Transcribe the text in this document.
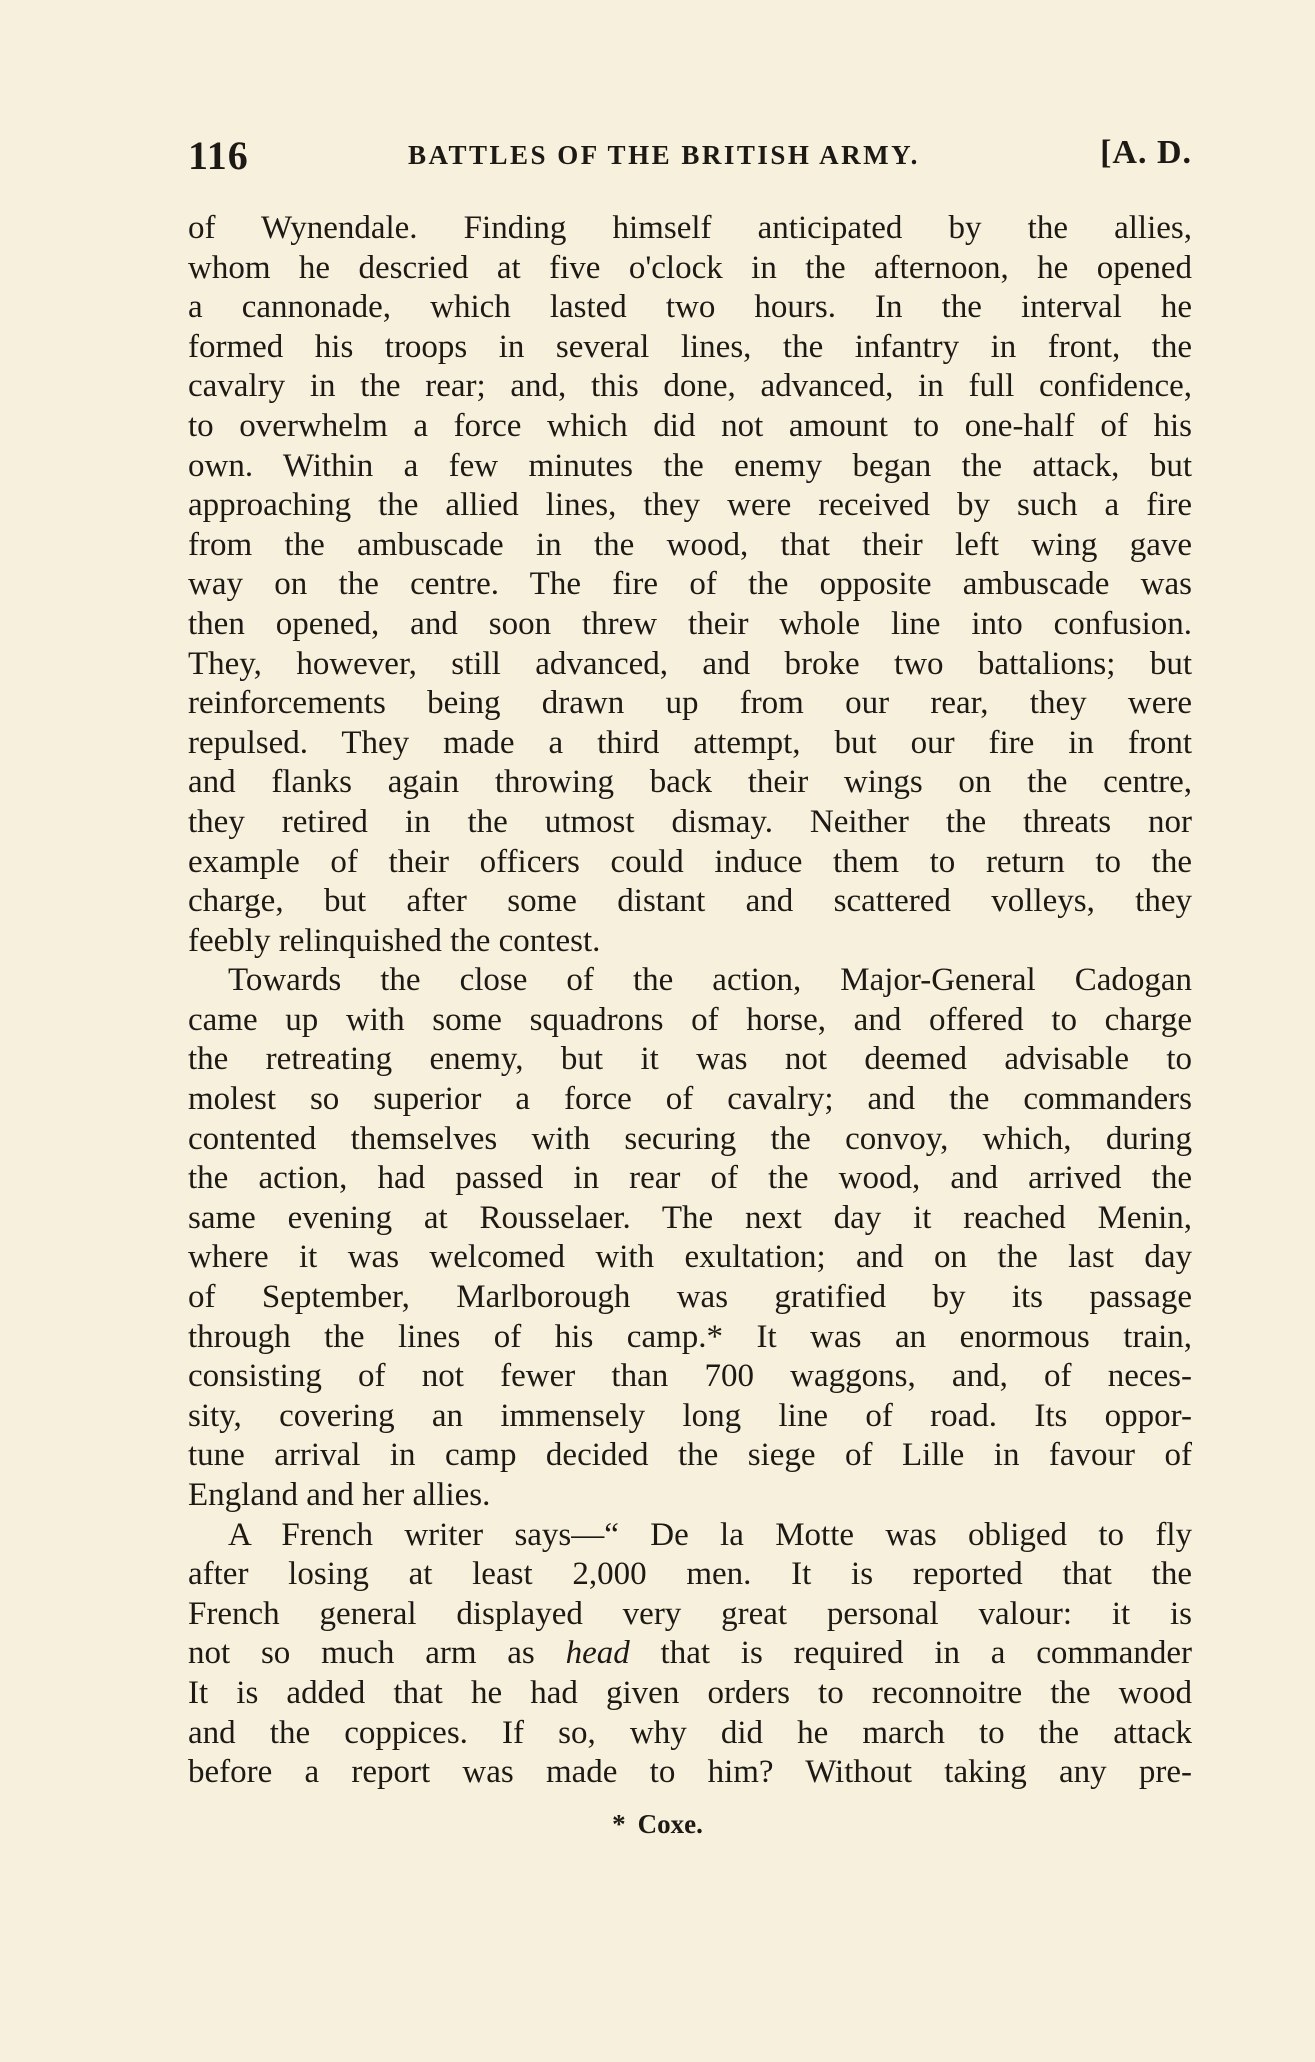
116	BATTLES OF THE BRITISH ARMY.	[A. D.
of Wynendale. Finding himself anticipated by the allies,
whom he descried at five o'clock in the afternoon, he opened
a cannonade, which lasted two hours. In the interval he
formed his troops in several lines, the infantry in front, the
cavalry in the rear; and, this done, advanced, in full confidence,
to overwhelm a force which did not amount to one-half of his
own. Within a few minutes the enemy began the attack, but
approaching the allied lines, they were received by such a fire
from the ambuscade in the wood, that their left wing gave
way on the centre. The fire of the opposite ambuscade was
then opened, and soon threw their whole line into confusion.
They, however, still advanced, and broke two battalions; but
reinforcements being drawn up from our rear, they were
repulsed. They made a third attempt, but our fire in front
and flanks again throwing back their wings on the centre,
they retired in the utmost dismay. Neither the threats nor
example of their officers could induce them to return to the
charge, but after some distant and scattered volleys, they
feebly relinquished the contest.
Towards the close of the action, Major-General Cadogan
came up with some squadrons of horse, and offered to charge
the retreating enemy, but it was not deemed advisable to
molest so superior a force of cavalry; and the commanders
contented themselves with securing the convoy, which, during
the action, had passed in rear of the wood, and arrived the
same evening at Rousselaer. The next day it reached Menin,
where it was welcomed with exultation; and on the last day
of September, Marlborough was gratified by its passage
through the lines of his camp.* It was an enormous train,
consisting of not fewer than 700 waggons, and, of neces-
sity, covering an immensely long line of road. Its oppor-
tune arrival in camp decided the siege of Lille in favour of
England and her allies.
A French writer says—“ De la Motte was obliged to fly
after losing at least 2,000 men. It is reported that the
French general displayed very great personal valour: it is
not so much arm as head that is required in a commander
It is added that he had given orders to reconnoitre the wood
and the coppices. If so, why did he march to the attack
before a report was made to him? Without taking any pre-
* Coxe.
